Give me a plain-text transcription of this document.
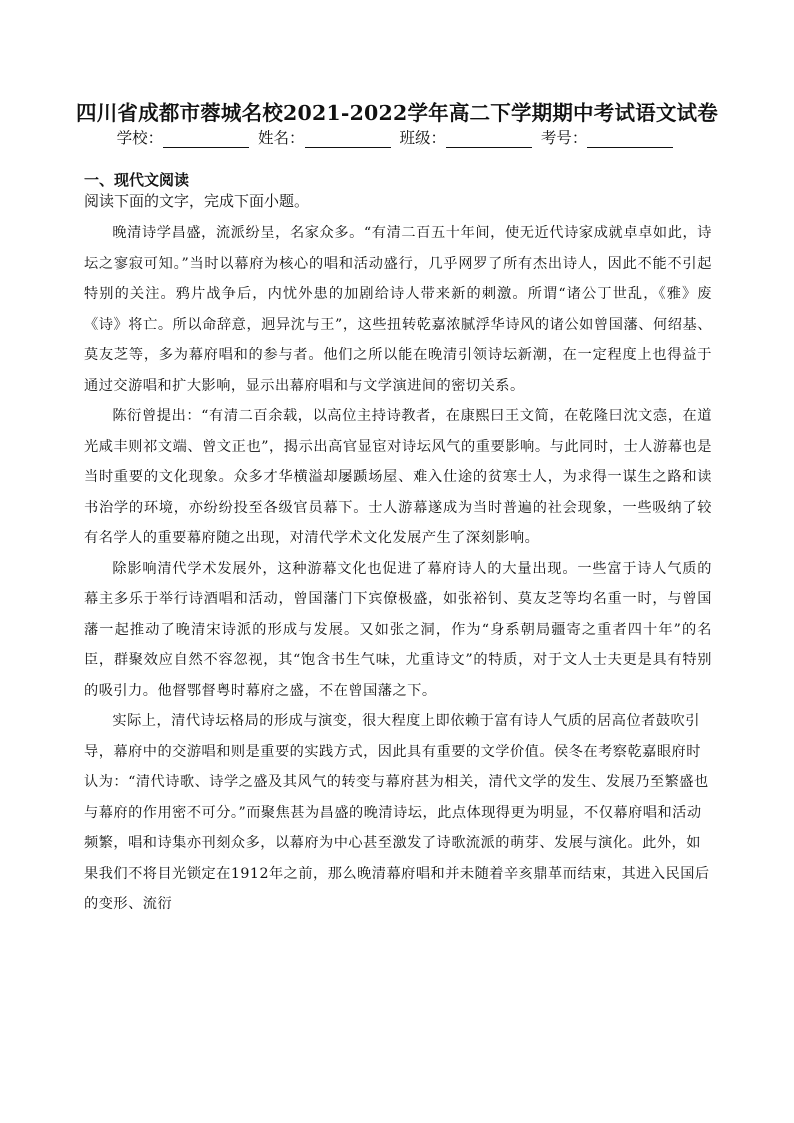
四川省成都市蓉城名校2021-2022学年高二下学期期中考试语文试卷
学校：	姓名：	班级：	考号：
一、现代文阅读
阅读下面的文字，完成下面小题。

晚清诗学昌盛，流派纷呈，名家众多。“有清二百五十年间，使无近代诗家成就卓卓如此，诗坛之寥寂可知。”当时以幕府为核心的唱和活动盛行，几乎网罗了所有杰出诗人，因此不能不引起特别的关注。鸦片战争后，内忧外患的加剧给诗人带来新的刺激。所谓“诸公丁世乱，《雅》废《诗》将亡。所以命辞意，迥异沈与王”，这些扭转乾嘉浓腻浮华诗风的诸公如曾国藩、何绍基、莫友芝等，多为幕府唱和的参与者。他们之所以能在晚清引领诗坛新潮，在一定程度上也得益于通过交游唱和扩大影响，显示出幕府唱和与文学演进间的密切关系。

陈衍曾提出：“有清二百余载，以高位主持诗教者，在康熙曰王文简，在乾隆曰沈文悫，在道光咸丰则祁文端、曾文正也”，揭示出高官显宦对诗坛风气的重要影响。与此同时，士人游幕也是当时重要的文化现象。众多才华横溢却屡踬场屋、难入仕途的贫寒士人，为求得一谋生之路和读书治学的环境，亦纷纷投至各级官员幕下。士人游幕遂成为当时普遍的社会现象，一些吸纳了较有名学人的重要幕府随之出现，对清代学术文化发展产生了深刻影响。

除影响清代学术发展外，这种游幕文化也促进了幕府诗人的大量出现。一些富于诗人气质的幕主多乐于举行诗酒唱和活动，曾国藩门下宾僚极盛，如张裕钊、莫友芝等均名重一时，与曾国藩一起推动了晚清宋诗派的形成与发展。又如张之洞，作为“身系朝局疆寄之重者四十年”的名臣，群聚效应自然不容忽视，其“饱含书生气味，尤重诗文”的特质，对于文人士夫更是具有特别的吸引力。他督鄂督粤时幕府之盛，不在曾国藩之下。

实际上，清代诗坛格局的形成与演变，很大程度上即依赖于富有诗人气质的居高位者鼓吹引导，幕府中的交游唱和则是重要的实践方式，因此具有重要的文学价值。侯冬在考察乾嘉眼府时认为：“清代诗歌、诗学之盛及其风气的转变与幕府甚为相关，清代文学的发生、发展乃至繁盛也与幕府的作用密不可分。”而聚焦甚为昌盛的晚清诗坛，此点体现得更为明显，不仅幕府唱和活动频繁，唱和诗集亦刊刻众多，以幕府为中心甚至激发了诗歌流派的萌芽、发展与演化。此外，如果我们不将目光锁定在1912年之前，那么晚清幕府唱和并未随着辛亥鼎革而结束，其进入民国后的变形、流衍
